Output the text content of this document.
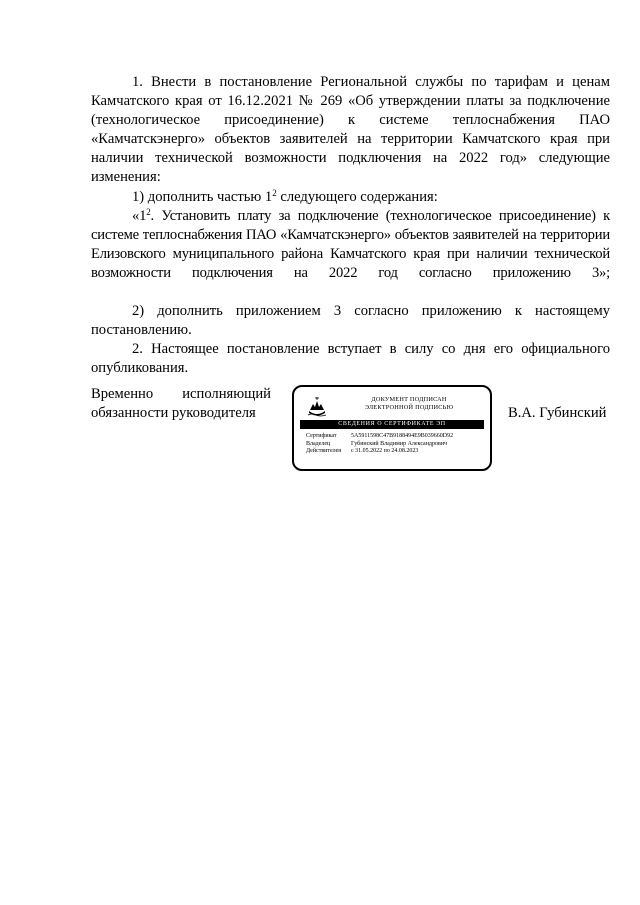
1. Внести в постановление Региональной службы по тарифам и ценам Камчатского края от 16.12.2021 № 269 «Об утверждении платы за подключение (технологическое присоединение) к системе теплоснабжения ПАО «Камчатскэнерго» объектов заявителей на территории Камчатского края при наличии технической возможности подключения на 2022 год» следующие изменения:

1) дополнить частью $1^2$ следующего содержания:

«$1^2$. Установить плату за подключение (технологическое присоединение) к системе теплоснабжения ПАО «Камчатскэнерго» объектов заявителей на территории Елизовского муниципального района Камчатского края при наличии технической возможности подключения на 2022 год согласно приложению 3»;

2) дополнить приложением 3 согласно приложению к настоящему постановлению.

2. Настоящее постановление вступает в силу со дня его официального опубликования.

Временно исполняющий
обязанности руководителя
ДОКУМЕНТ ПОДПИСАН
ЭЛЕКТРОННОЙ ПОДПИСЬЮ
СВЕДЕНИЯ О СЕРТИФИКАТЕ ЭП
Сертификат	5A5911598C47B9188494E9B039660D92
Владелец	Губинский Владимир Александрович
Действителен	с 31.05.2022 по 24.08.2023
В.А. Губинский
